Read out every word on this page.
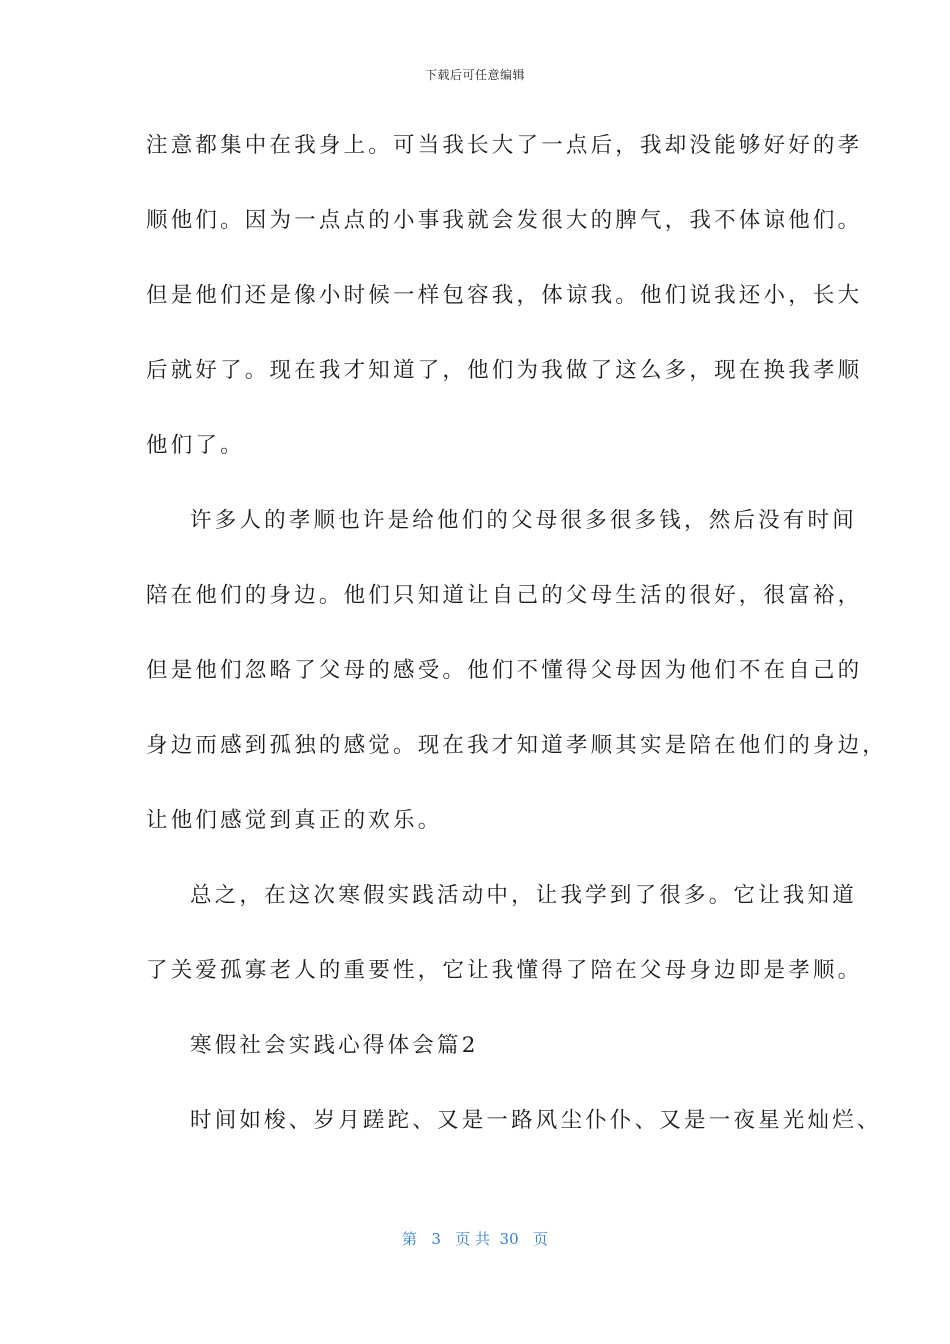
下载后可任意编辑
注意都集中在我身上。可当我长大了一点后，我却没能够好好的孝
顺他们。因为一点点的小事我就会发很大的脾气，我不体谅他们。
但是他们还是像小时候一样包容我，体谅我。他们说我还小，长大
后就好了。现在我才知道了，他们为我做了这么多，现在换我孝顺
他们了。
许多人的孝顺也许是给他们的父母很多很多钱，然后没有时间
陪在他们的身边。他们只知道让自己的父母生活的很好，很富裕，
但是他们忽略了父母的感受。他们不懂得父母因为他们不在自己的
身边而感到孤独的感觉。现在我才知道孝顺其实是陪在他们的身边，
让他们感觉到真正的欢乐。
总之，在这次寒假实践活动中，让我学到了很多。它让我知道
了关爱孤寡老人的重要性，它让我懂得了陪在父母身边即是孝顺。
寒假社会实践心得体会篇2
时间如梭、岁月蹉跎、又是一路风尘仆仆、又是一夜星光灿烂、
第 3 页 共 30 页
